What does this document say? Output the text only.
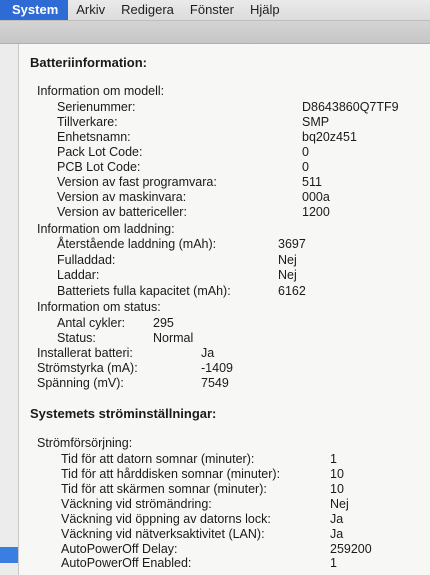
System	Arkiv	Redigera	Fönster	Hjälp
Batteriinformation:
Information om modell:
Serienummer:	D8643860Q7TF9
Tillverkare:	SMP
Enhetsnamn:	bq20z451
Pack Lot Code:	0
PCB Lot Code:	0
Version av fast programvara:	511
Version av maskinvara:	000a
Version av battericeller:	1200
Information om laddning:
Återstående laddning (mAh):	3697
Fulladdad:	Nej
Laddar:	Nej
Batteriets fulla kapacitet (mAh):	6162
Information om status:
Antal cykler: 295
Status:	Normal
Installerat batteri:	Ja
Strömstyrka (mA):	-1409
Spänning (mV):	7549
Systemets ströminställningar:
Strömförsörjning:
Tid för att datorn somnar (minuter):	1
Tid för att hårddisken somnar (minuter):	10
Tid för att skärmen somnar (minuter):	10
Väckning vid strömändring:	Nej
Väckning vid öppning av datorns lock:	Ja
Väckning vid nätverksaktivitet (LAN):	Ja
AutoPowerOff Delay:	259200
AutoPowerOff Enabled:	1
